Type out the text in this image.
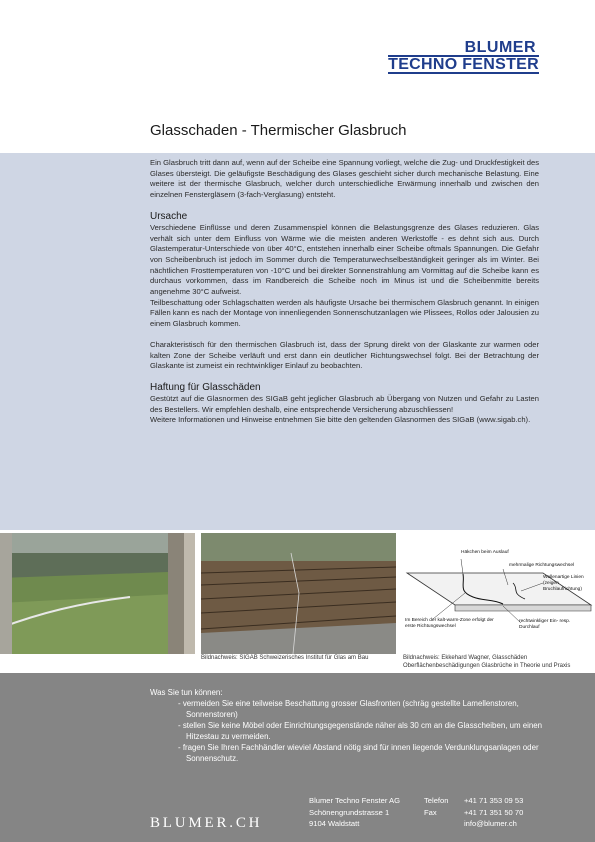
BLUMER
TECHNO FENSTER
Glasschaden - Thermischer Glasbruch

Ein Glasbruch tritt dann auf, wenn auf der Scheibe eine Spannung vorliegt, welche die Zug- und Druckfestigkeit des Glases übersteigt. Die geläufigste Beschädigung des Glases geschieht sicher durch mechanische Belastung. Eine weitere ist der thermische Glasbruch, welcher durch unterschiedliche Erwärmung innerhalb und zwischen den einzelnen Fenstergläsern (3-fach-Verglasung) entsteht.

Ursache

Verschiedene Einflüsse und deren Zusammenspiel können die Belastungsgrenze des Glases reduzieren. Glas verhält sich unter dem Einfluss von Wärme wie die meisten anderen Werkstoffe - es dehnt sich aus. Durch Glastemperatur-Unterschiede von über 40°C, entstehen innerhalb einer Scheibe oftmals Spannungen. Die Gefahr von Scheibenbruch ist jedoch im Sommer durch die Temperaturwechselbeständigkeit geringer als im Winter. Bei nächtlichen Frosttemperaturen von -10°C und bei direkter Sonnenstrahlung am Vormittag auf die Scheibe kann es durchaus vorkommen, dass im Randbereich die Scheibe noch im Minus ist und die Scheibenmitte bereits angenehme 30°C aufweist.

Teilbeschattung oder Schlagschatten werden als häufigste Ursache bei thermischem Glasbruch genannt. In einigen Fällen kann es nach der Montage von innenliegenden Sonnenschutzanlagen wie Plissees, Rollos oder Jalousien zu einem Glasbruch kommen.

Charakteristisch für den thermischen Glasbruch ist, dass der Sprung direkt von der Glaskante zur warmen oder kalten Zone der Scheibe verläuft und erst dann ein deutlicher Richtungswechsel folgt. Bei der Betrachtung der Glaskante ist zumeist ein rechtwinkliger Einlauf zu beobachten.

Haftung für Glasschäden

Gestützt auf die Glasnormen des SIGaB geht jeglicher Glasbruch ab Übergang von Nutzen und Gefahr zu Lasten des Bestellers. Wir empfehlen deshalb, eine entsprechende Versicherung abzuschliessen!

Weitere Informationen und Hinweise entnehmen Sie bitte den geltenden Glasnormen des SIGaB (www.sigab.ch).

Häkchen beim Auslauf
mehrmalige Richtungswechsel
Wellenartige Linien (zeigen Bruchlaufrichtung)
Im Bereich der kalt-warm-Zone erfolgt der erste Richtungswechsel
rechtwinkliger Ein- resp. Durchlauf
Bildnachweis: SIGAB Schweizerisches Institut für Glas am Bau	Bildnachweis: Ekkehard Wagner, Glasschäden Oberflächenbeschädigungen Glasbrüche in Theorie und Praxis
Was Sie tun können:
- vermeiden Sie eine teilweise Beschattung grosser Glasfronten (schräg gestellte Lamellenstoren, Sonnenstoren)
- stellen Sie keine Möbel oder Einrichtungsgegenstände näher als 30 cm an die Glasscheiben, um einen Hitzestau zu vermeiden.
- fragen Sie Ihren Fachhändler wieviel Abstand nötig sind für innen liegende Verdunklungsanlagen oder Sonnenschutz.
BLUMER.CH
Blumer Techno Fenster AG
Schönengrundstrasse 1
9104 Waldstatt
Telefon
Fax
+41 71 353 09 53
+41 71 351 50 70
info@blumer.ch
